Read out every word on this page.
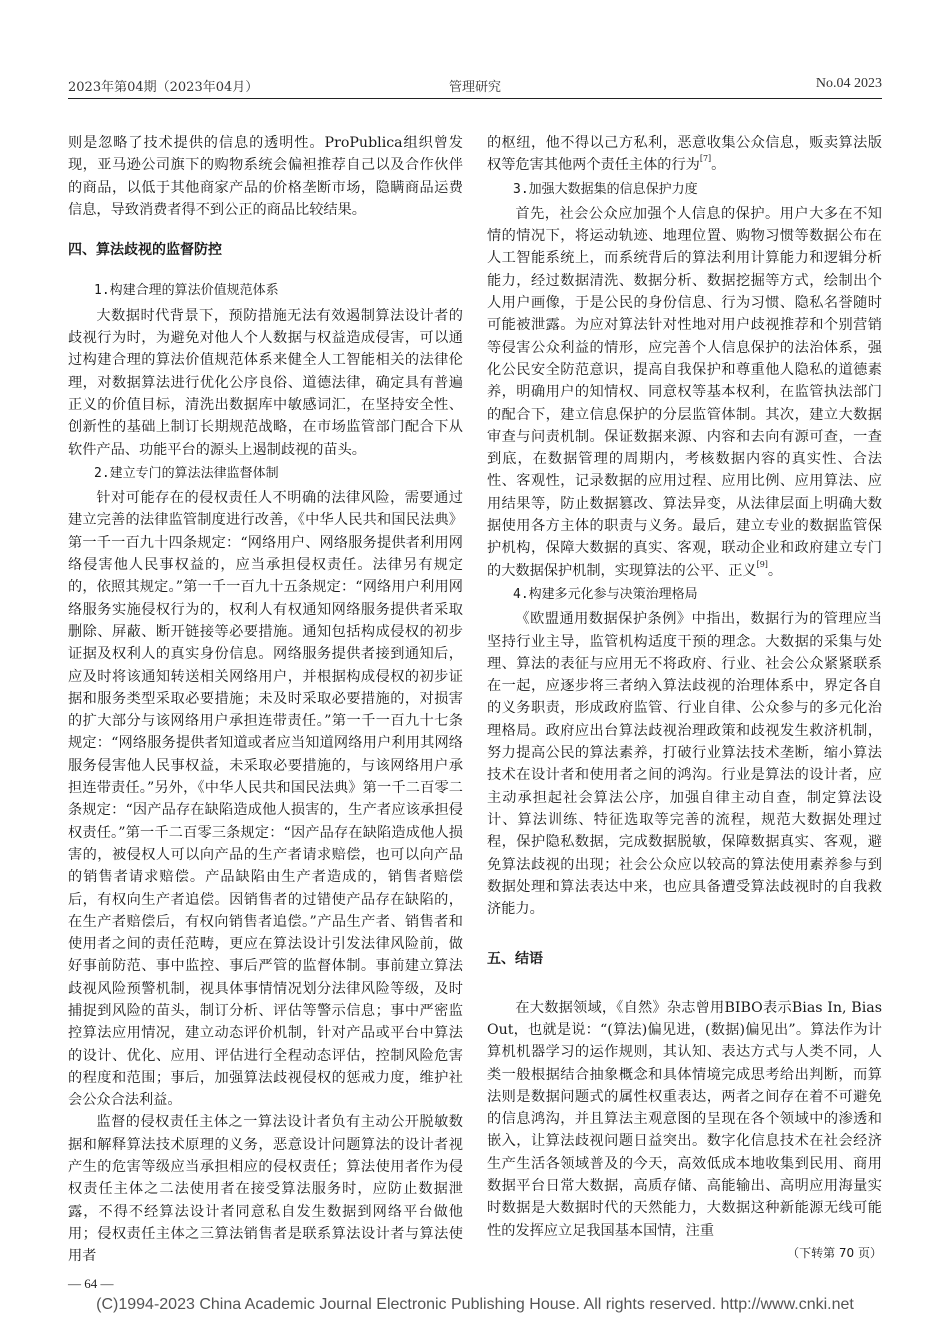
2023年第04期（2023年04月）	管理研究	No.04 2023

则是忽略了技术提供的信息的透明性。ProPublica组织曾发现，亚马逊公司旗下的购物系统会偏袒推荐自己以及合作伙伴的商品，以低于其他商家产品的价格垄断市场，隐瞒商品运费信息，导致消费者得不到公正的商品比较结果。

四、算法歧视的监督防控

1.构建合理的算法价值规范体系

大数据时代背景下，预防措施无法有效遏制算法设计者的歧视行为时，为避免对他人个人数据与权益造成侵害，可以通过构建合理的算法价值规范体系来健全人工智能相关的法律伦理，对数据算法进行优化公序良俗、道德法律，确定具有普遍正义的价值目标，清洗出数据库中敏感词汇，在坚持安全性、创新性的基础上制订长期规范战略，在市场监管部门配合下从软件产品、功能平台的源头上遏制歧视的苗头。

2.建立专门的算法法律监督体制

针对可能存在的侵权责任人不明确的法律风险，需要通过建立完善的法律监管制度进行改善，《中华人民共和国民法典》第一千一百九十四条规定：“网络用户、网络服务提供者利用网络侵害他人民事权益的，应当承担侵权责任。法律另有规定的，依照其规定。”第一千一百九十五条规定：“网络用户利用网络服务实施侵权行为的，权利人有权通知网络服务提供者采取删除、屏蔽、断开链接等必要措施。通知包括构成侵权的初步证据及权利人的真实身份信息。网络服务提供者接到通知后，应及时将该通知转送相关网络用户，并根据构成侵权的初步证据和服务类型采取必要措施；未及时采取必要措施的，对损害的扩大部分与该网络用户承担连带责任。”第一千一百九十七条规定：“网络服务提供者知道或者应当知道网络用户利用其网络服务侵害他人民事权益，未采取必要措施的，与该网络用户承担连带责任。”另外，《中华人民共和国民法典》第一千二百零二条规定：“因产品存在缺陷造成他人损害的，生产者应该承担侵权责任。”第一千二百零三条规定：“因产品存在缺陷造成他人损害的，被侵权人可以向产品的生产者请求赔偿，也可以向产品的销售者请求赔偿。产品缺陷由生产者造成的，销售者赔偿后，有权向生产者追偿。因销售者的过错使产品存在缺陷的，在生产者赔偿后，有权向销售者追偿。”产品生产者、销售者和使用者之间的责任范畴，更应在算法设计引发法律风险前，做好事前防范、事中监控、事后严管的监督体制。事前建立算法歧视风险预警机制，视具体事情情况划分法律风险等级，及时捕捉到风险的苗头，制订分析、评估等警示信息；事中严密监控算法应用情况，建立动态评价机制，针对产品或平台中算法的设计、优化、应用、评估进行全程动态评估，控制风险危害的程度和范围；事后，加强算法歧视侵权的惩戒力度，维护社会公众合法利益。

监督的侵权责任主体之一算法设计者负有主动公开脱敏数据和解释算法技术原理的义务，恶意设计问题算法的设计者视产生的危害等级应当承担相应的侵权责任；算法使用者作为侵权责任主体之二法使用者在接受算法服务时，应防止数据泄露，不得不经算法设计者同意私自发生数据到网络平台做他用；侵权责任主体之三算法销售者是联系算法设计者与算法使用者

的枢纽，他不得以己方私利，恶意收集公众信息，贩卖算法版权等危害其他两个责任主体的行为[7]。

3.加强大数据集的信息保护力度

首先，社会公众应加强个人信息的保护。用户大多在不知情的情况下，将运动轨迹、地理位置、购物习惯等数据公布在人工智能系统上，而系统背后的算法利用计算能力和逻辑分析能力，经过数据清洗、数据分析、数据挖掘等方式，绘制出个人用户画像，于是公民的身份信息、行为习惯、隐私名誉随时可能被泄露。为应对算法针对性地对用户歧视推荐和个别营销等侵害公众利益的情形，应完善个人信息保护的法治体系，强化公民安全防范意识，提高自我保护和尊重他人隐私的道德素养，明确用户的知情权、同意权等基本权利，在监管执法部门的配合下，建立信息保护的分层监管体制。其次，建立大数据审查与问责机制。保证数据来源、内容和去向有源可查，一查到底，在数据管理的周期内，考核数据内容的真实性、合法性、客观性，记录数据的应用过程、应用比例、应用算法、应用结果等，防止数据篡改、算法异变，从法律层面上明确大数据使用各方主体的职责与义务。最后，建立专业的数据监管保护机构，保障大数据的真实、客观，联动企业和政府建立专门的大数据保护机制，实现算法的公平、正义[9]。

4.构建多元化参与决策治理格局

《欧盟通用数据保护条例》中指出，数据行为的管理应当坚持行业主导，监管机构适度干预的理念。大数据的采集与处理、算法的表征与应用无不将政府、行业、社会公众紧紧联系在一起，应逐步将三者纳入算法歧视的治理体系中，界定各自的义务职责，形成政府监管、行业自律、公众参与的多元化治理格局。政府应出台算法歧视治理政策和歧视发生救济机制，努力提高公民的算法素养，打破行业算法技术垄断，缩小算法技术在设计者和使用者之间的鸿沟。行业是算法的设计者，应主动承担起社会算法公序，加强自律主动自查，制定算法设计、算法训练、特征选取等完善的流程，规范大数据处理过程，保护隐私数据，完成数据脱敏，保障数据真实、客观，避免算法歧视的出现；社会公众应以较高的算法使用素养参与到数据处理和算法表达中来，也应具备遭受算法歧视时的自我救济能力。

五、结语

在大数据领域，《自然》杂志曾用BIBO表示Bias In, Bias Out，也就是说：“(算法)偏见进，(数据)偏见出”。算法作为计算机机器学习的运作规则，其认知、表达方式与人类不同，人类一般根据结合抽象概念和具体情境完成思考给出判断，而算法则是数据问题式的属性权重表达，两者之间存在着不可避免的信息鸿沟，并且算法主观意图的呈现在各个领域中的渗透和嵌入，让算法歧视问题日益突出。数字化信息技术在社会经济生产生活各领域普及的今天，高效低成本地收集到民用、商用数据平台日常大数据，高质存储、高能输出、高明应用海量实时数据是大数据时代的天然能力，大数据这种新能源无线可能性的发挥应立足我国基本国情，注重

（下转第 70 页）

— 64 —
(C)1994-2023 China Academic Journal Electronic Publishing House. All rights reserved. http://www.cnki.net
